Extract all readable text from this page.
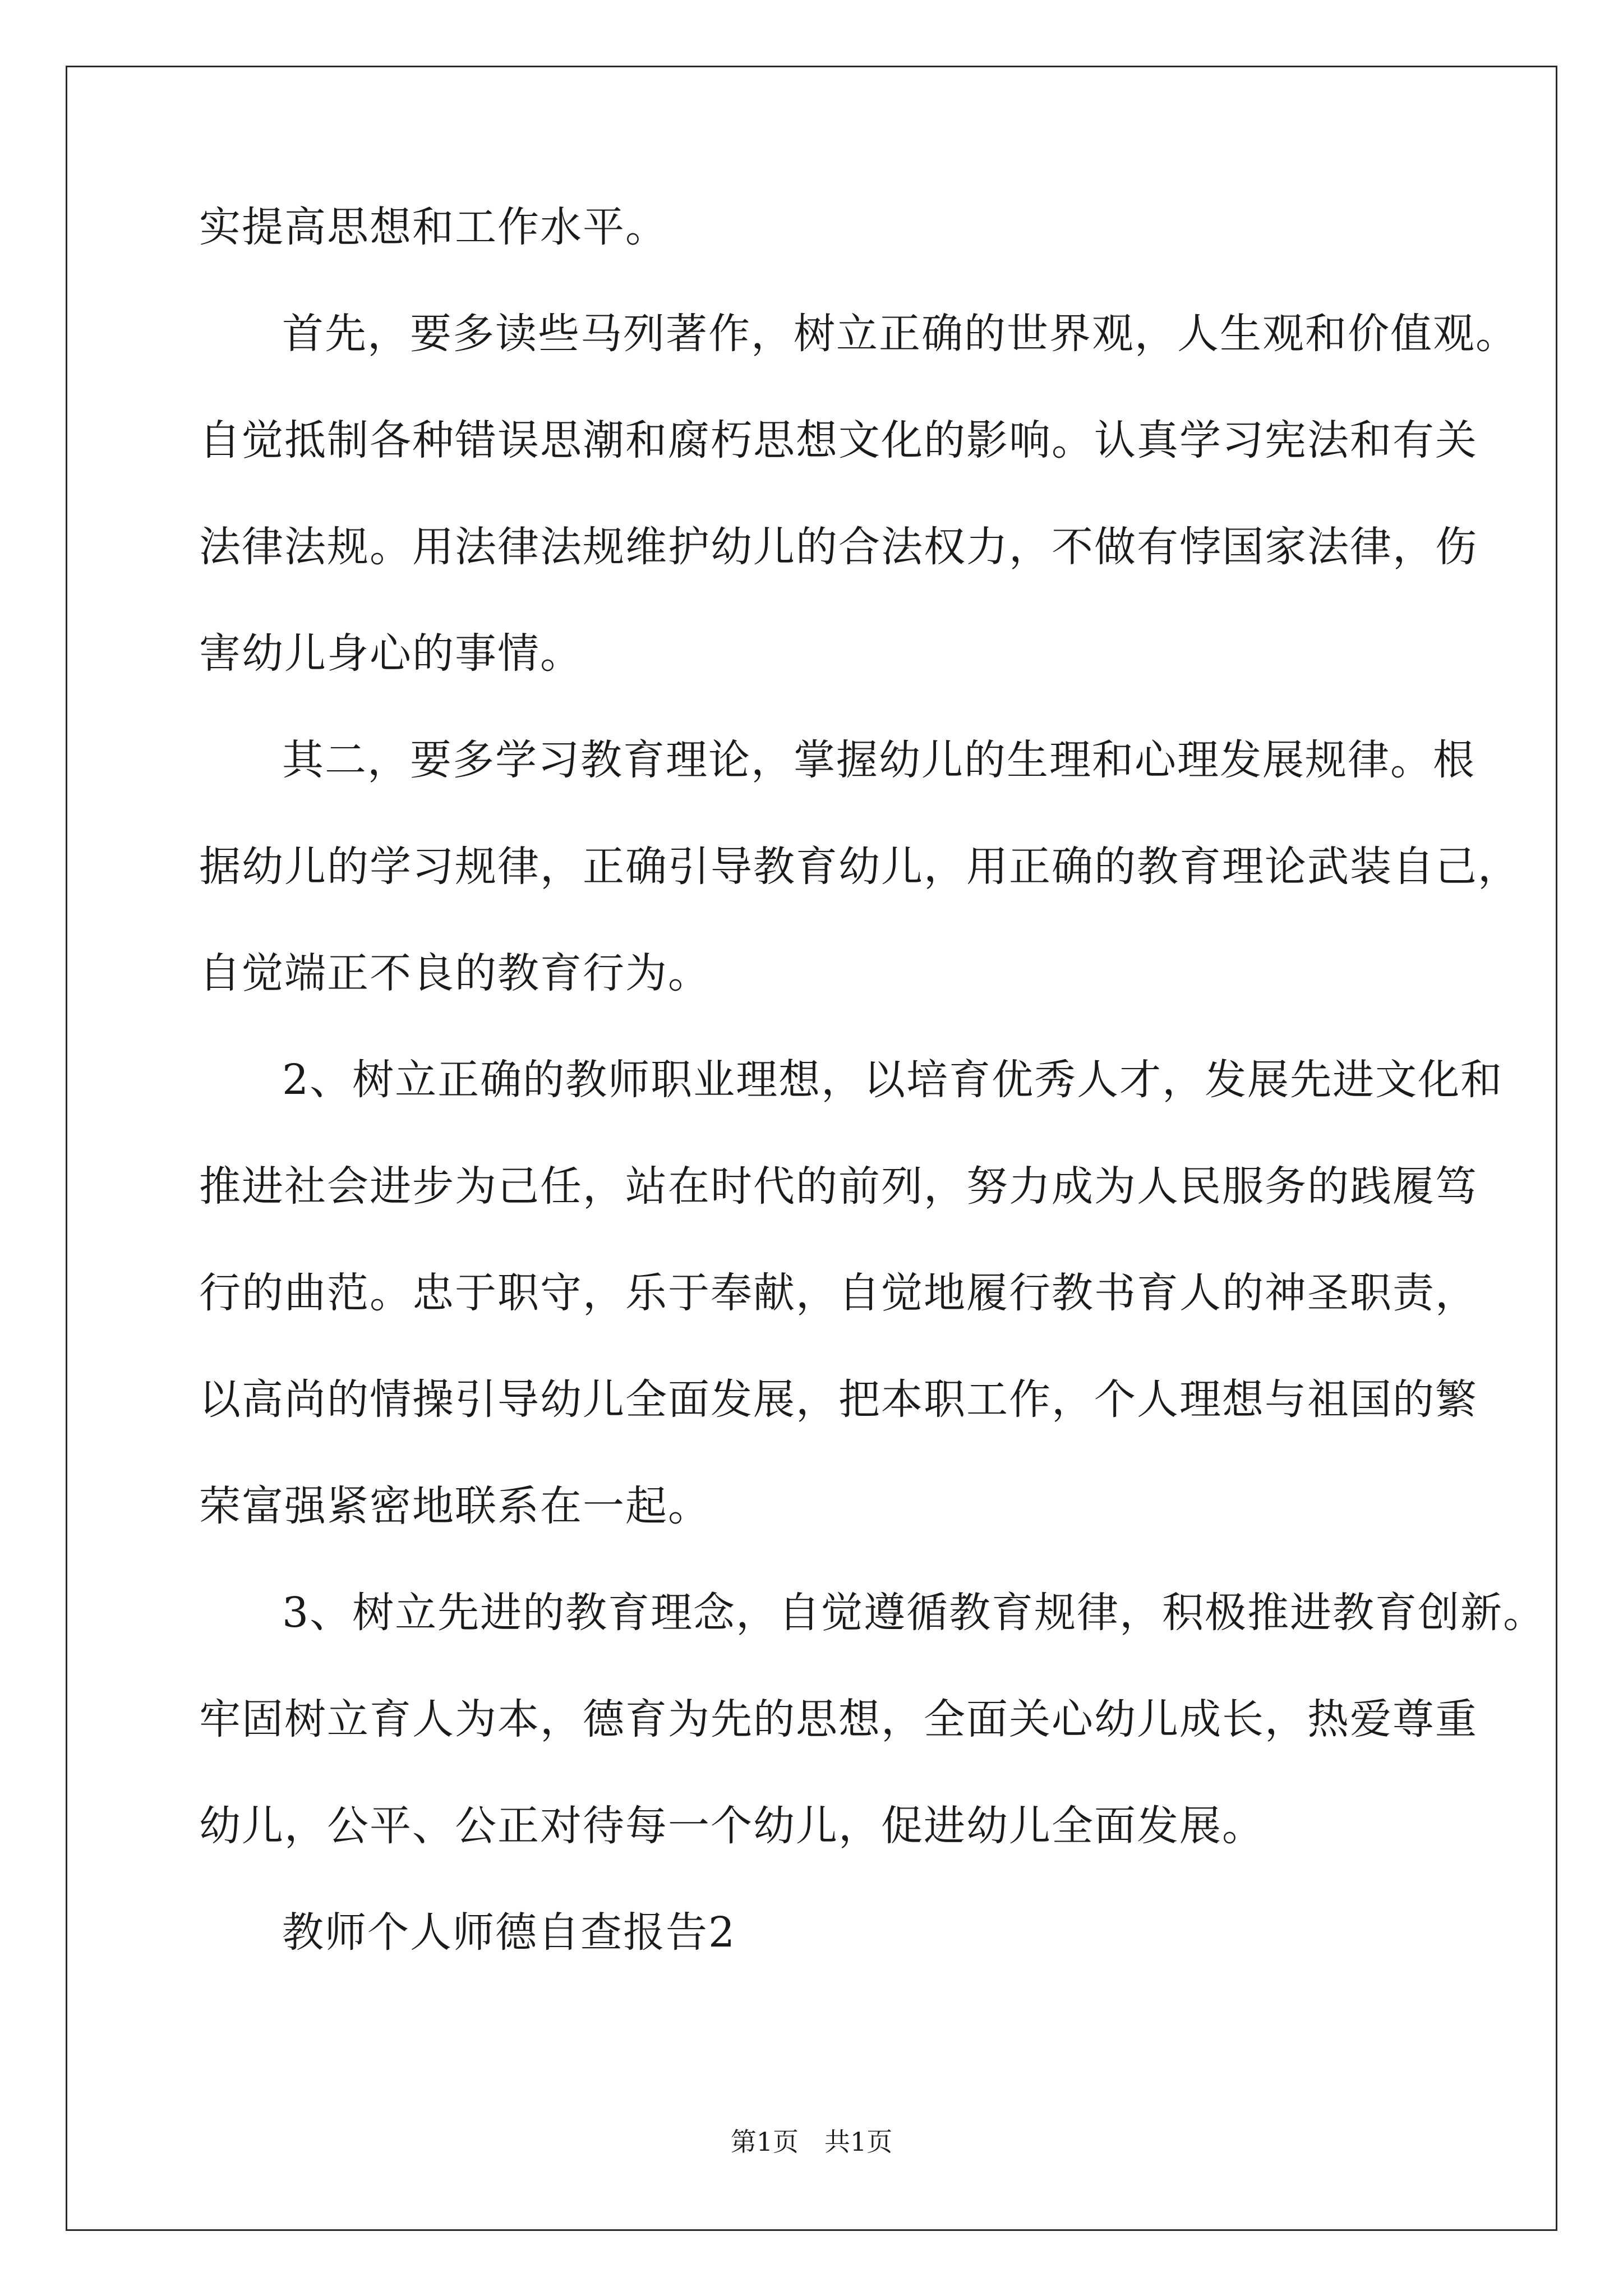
实提高思想和工作水平。
首先，要多读些马列著作，树立正确的世界观，人生观和价值观。
自觉抵制各种错误思潮和腐朽思想文化的影响。认真学习宪法和有关
法律法规。用法律法规维护幼儿的合法权力，不做有悖国家法律，伤
害幼儿身心的事情。
其二，要多学习教育理论，掌握幼儿的生理和心理发展规律。根
据幼儿的学习规律，正确引导教育幼儿，用正确的教育理论武装自己，
自觉端正不良的教育行为。
2、树立正确的教师职业理想，以培育优秀人才，发展先进文化和
推进社会进步为己任，站在时代的前列，努力成为人民服务的践履笃
行的曲范。忠于职守，乐于奉献，自觉地履行教书育人的神圣职责，
以高尚的情操引导幼儿全面发展，把本职工作，个人理想与祖国的繁
荣富强紧密地联系在一起。
3、树立先进的教育理念，自觉遵循教育规律，积极推进教育创新。
牢固树立育人为本，德育为先的思想，全面关心幼儿成长，热爱尊重
幼儿，公平、公正对待每一个幼儿，促进幼儿全面发展。
教师个人师德自查报告2
第1页 共1页
